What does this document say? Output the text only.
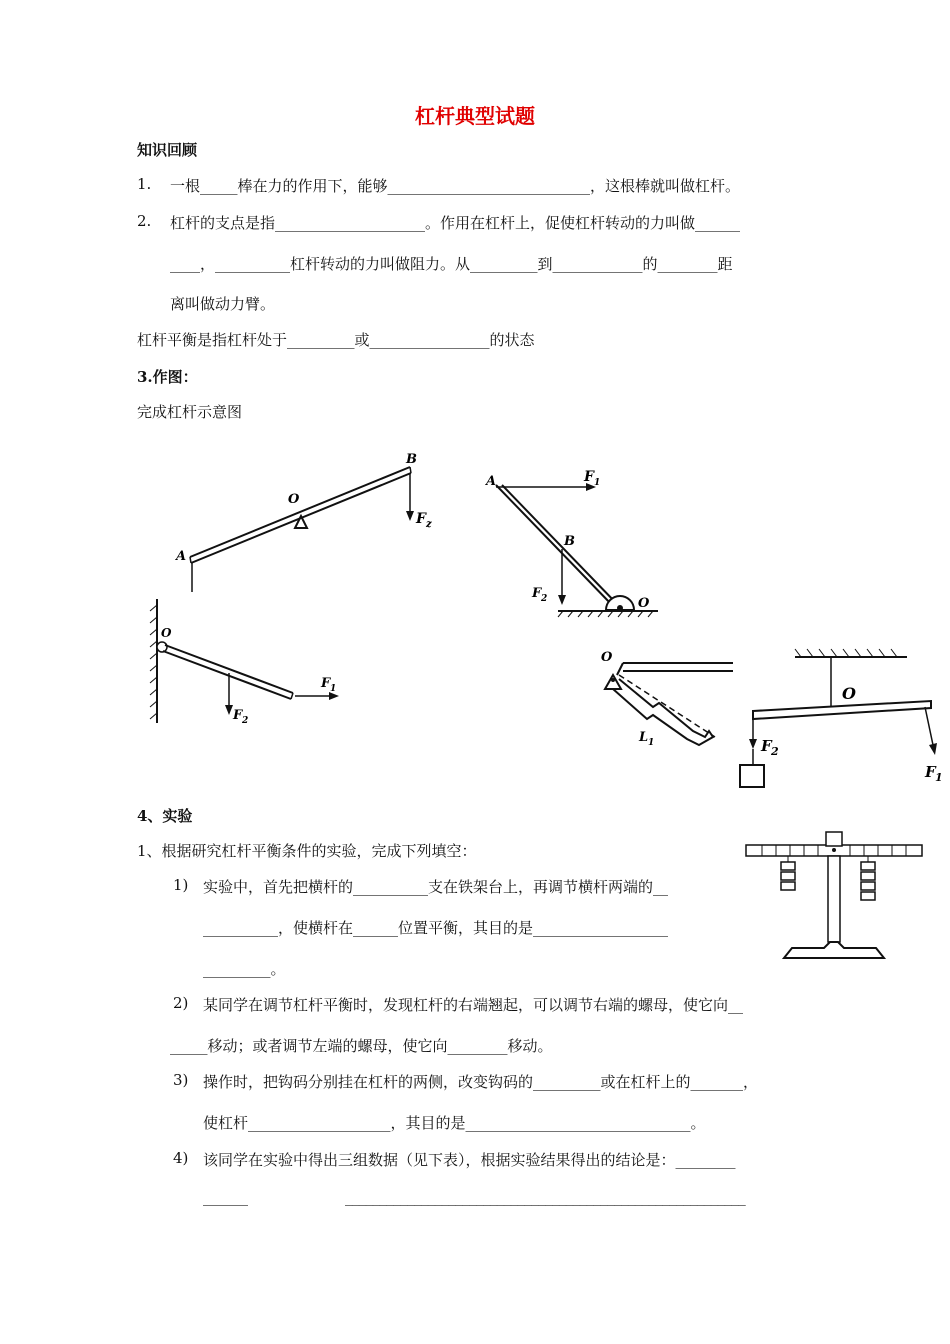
杠杆典型试题
知识回顾
1. 一根_____棒在力的作用下，能够___________________________，这根棒就叫做杠杆。
2. 杠杆的支点是指____________________。作用在杠杆上，促使杠杆转动的力叫做______
____，__________杠杆转动的力叫做阻力。从_________到____________的________距
离叫做动力臂。
杠杆平衡是指杠杆处于_________或________________的状态
3.作图：
完成杠杆示意图
A
O
B
F z
A	F 1
B
F 2	O
O
F 1
F 2
O
L 1
O
F 2
F 1
4、实验
1、根据研究杠杆平衡条件的实验，完成下列填空：
1) 实验中，首先把横杆的__________支在铁架台上，再调节横杆两端的__
__________，使横杆在______位置平衡，其目的是__________________
_________。
2) 某同学在调节杠杆平衡时，发现杠杆的右端翘起，可以调节右端的螺母，使它向__
_____移动；或者调节左端的螺母，使它向________移动。
3) 操作时，把钩码分别挂在杠杆的两侧，改变钩码的_________或在杠杆上的_______，
使杠杆___________________，其目的是______________________________。
4) 该同学在实验中得出三组数据（见下表），根据实验结果得出的结论是：________
______	__________________________________________________________
